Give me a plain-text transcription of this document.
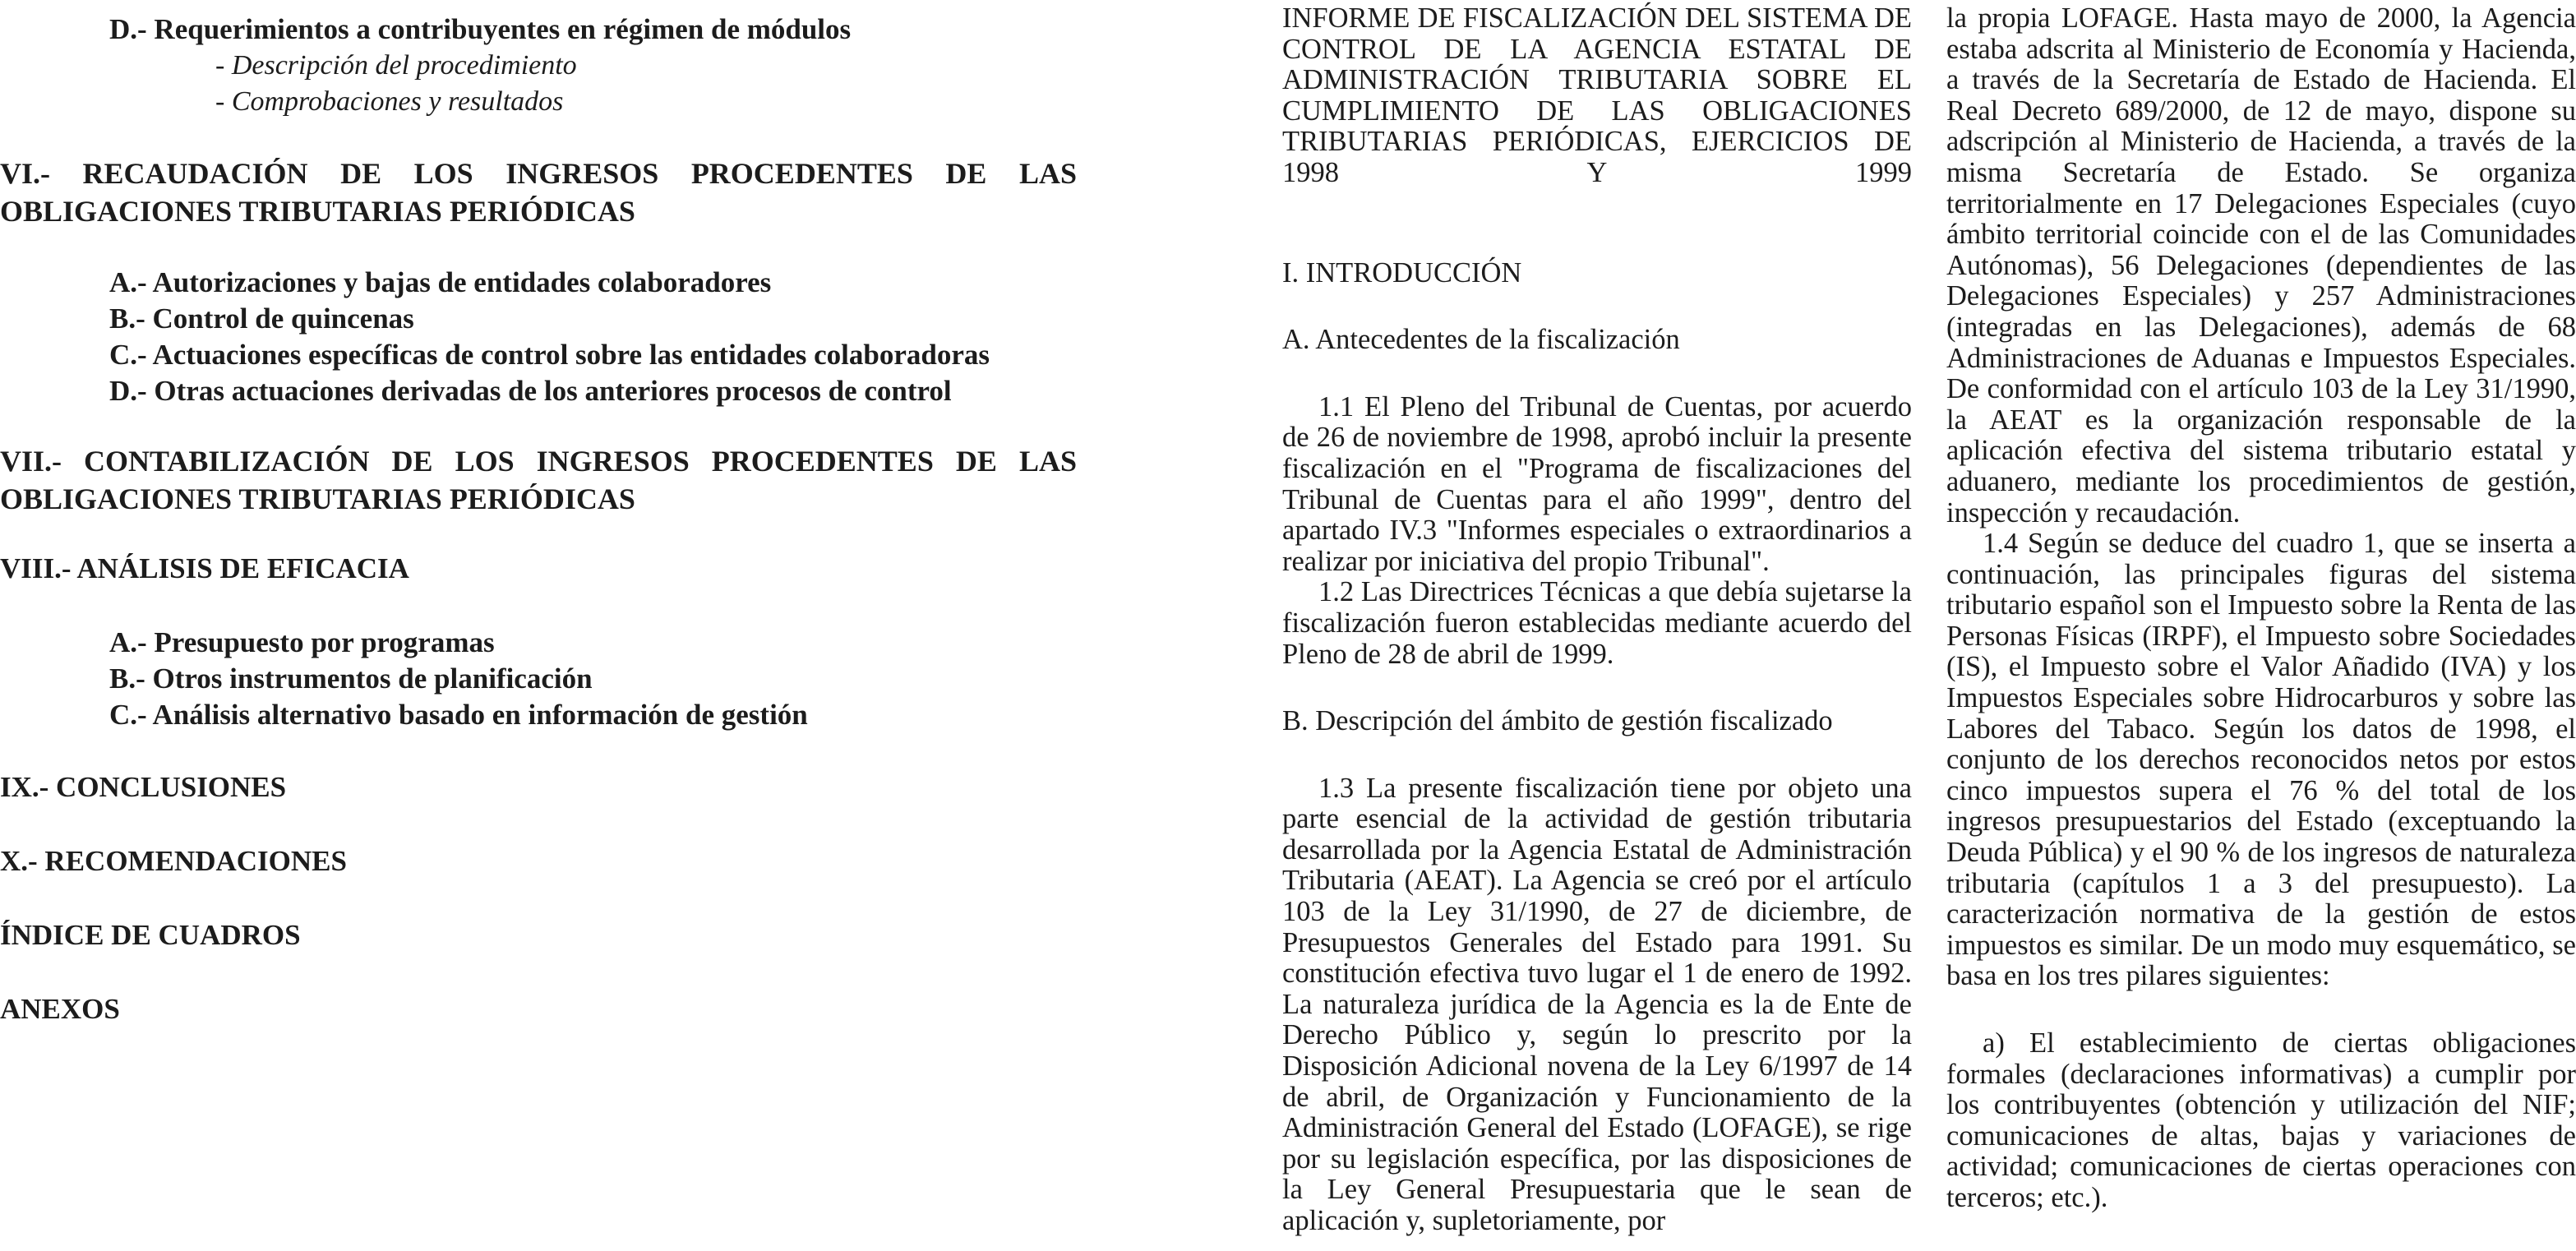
D.- Requerimientos a contribuyentes en régimen de módulos
- Descripción del procedimiento
- Comprobaciones y resultados
VI.- RECAUDACIÓN DE LOS INGRESOS PROCEDENTES DE LAS
OBLIGACIONES TRIBUTARIAS PERIÓDICAS
A.- Autorizaciones y bajas de entidades colaboradores
B.- Control de quincenas
C.- Actuaciones específicas de control sobre las entidades colaboradoras
D.- Otras actuaciones derivadas de los anteriores procesos de control
VII.- CONTABILIZACIÓN DE LOS INGRESOS PROCEDENTES DE LAS
OBLIGACIONES TRIBUTARIAS PERIÓDICAS
VIII.- ANÁLISIS DE EFICACIA
A.- Presupuesto por programas
B.- Otros instrumentos de planificación
C.- Análisis alternativo basado en información de gestión
IX.- CONCLUSIONES
X.- RECOMENDACIONES
ÍNDICE DE CUADROS
ANEXOS

INFORME DE FISCALIZACIÓN DEL SISTEMA DE CONTROL DE LA AGENCIA ESTATAL DE ADMINISTRACIÓN TRIBUTARIA SOBRE EL CUMPLIMIENTO DE LAS OBLIGACIONES TRIBUTARIAS PERIÓDICAS, EJERCICIOS DE 1998 Y 1999

I. INTRODUCCIÓN

A. Antecedentes de la fiscalización

1.1 El Pleno del Tribunal de Cuentas, por acuerdo de 26 de noviembre de 1998, aprobó incluir la presente fiscalización en el "Programa de fiscalizaciones del Tribunal de Cuentas para el año 1999", dentro del apartado IV.3 "Informes especiales o extraordinarios a realizar por iniciativa del propio Tribunal".

1.2 Las Directrices Técnicas a que debía sujetarse la fiscalización fueron establecidas mediante acuerdo del Pleno de 28 de abril de 1999.

B. Descripción del ámbito de gestión fiscalizado

1.3 La presente fiscalización tiene por objeto una parte esencial de la actividad de gestión tributaria desarrollada por la Agencia Estatal de Administración Tributaria (AEAT). La Agencia se creó por el artículo 103 de la Ley 31/1990, de 27 de diciembre, de Presupuestos Generales del Estado para 1991. Su constitución efectiva tuvo lugar el 1 de enero de 1992. La naturaleza jurídica de la Agencia es la de Ente de Derecho Público y, según lo prescrito por la Disposición Adicional novena de la Ley 6/1997 de 14 de abril, de Organización y Funcionamiento de la Administración General del Estado (LOFAGE), se rige por su legislación específica, por las disposiciones de la Ley General Presupuestaria que le sean de aplicación y, supletoriamente, por

la propia LOFAGE. Hasta mayo de 2000, la Agencia estaba adscrita al Ministerio de Economía y Hacienda, a través de la Secretaría de Estado de Hacienda. El Real Decreto 689/2000, de 12 de mayo, dispone su adscripción al Ministerio de Hacienda, a través de la misma Secretaría de Estado. Se organiza territorialmente en 17 Delegaciones Especiales (cuyo ámbito territorial coincide con el de las Comunidades Autónomas), 56 Delegaciones (dependientes de las Delegaciones Especiales) y 257 Administraciones (integradas en las Delegaciones), además de 68 Administraciones de Aduanas e Impuestos Especiales. De conformidad con el artículo 103 de la Ley 31/1990, la AEAT es la organización responsable de la aplicación efectiva del sistema tributario estatal y aduanero, mediante los procedimientos de gestión, inspección y recaudación.

1.4 Según se deduce del cuadro 1, que se inserta a continuación, las principales figuras del sistema tributario español son el Impuesto sobre la Renta de las Personas Físicas (IRPF), el Impuesto sobre Sociedades (IS), el Impuesto sobre el Valor Añadido (IVA) y los Impuestos Especiales sobre Hidrocarburos y sobre las Labores del Tabaco. Según los datos de 1998, el conjunto de los derechos reconocidos netos por estos cinco impuestos supera el 76 % del total de los ingresos presupuestarios del Estado (exceptuando la Deuda Pública) y el 90 % de los ingresos de naturaleza tributaria (capítulos 1 a 3 del presupuesto). La caracterización normativa de la gestión de estos impuestos es similar. De un modo muy esquemático, se basa en los tres pilares siguientes:

a) El establecimiento de ciertas obligaciones formales (declaraciones informativas) a cumplir por los contribuyentes (obtención y utilización del NIF; comunicaciones de altas, bajas y variaciones de actividad; comunicaciones de ciertas operaciones con terceros; etc.).
